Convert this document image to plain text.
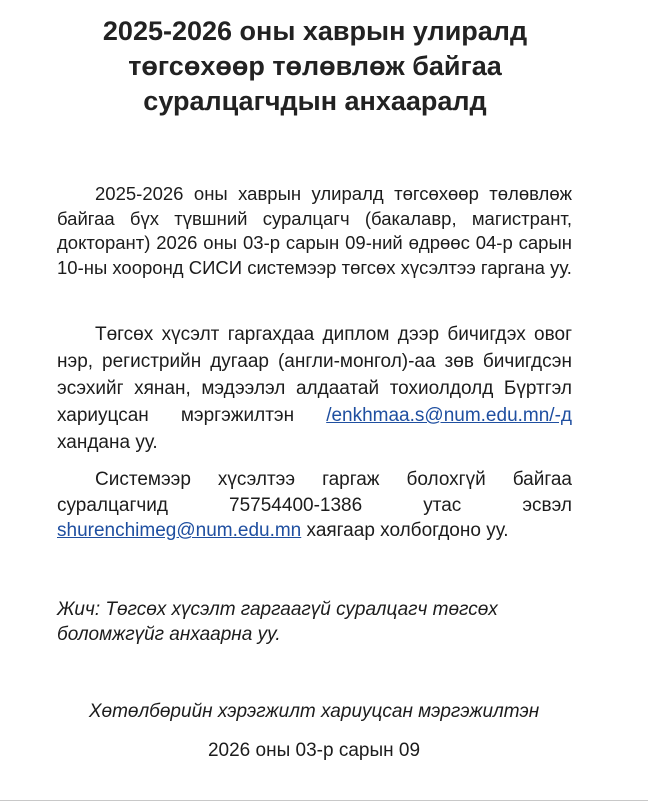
2025-2026 оны хаврын улиралд
төгсөхөөр төлөвлөж байгаа
суралцагчдын анхааралд

2025-2026 оны хаврын улиралд төгсөхөөр төлөвлөж байгаа бүх түвшний суралцагч (бакалавр, магистрант, докторант) 2026 оны 03-р сарын 09-ний өдрөөс 04-р сарын 10-ны хооронд СИСИ системээр төгсөх хүсэлтээ гаргана уу.

Төгсөх хүсэлт гаргахдаа диплом дээр бичигдэх овог нэр, регистрийн дугаар (англи-монгол)-аа зөв бичигдсэн эсэхийг хянан, мэдээлэл алдаатай тохиолдолд Бүртгэл хариуцсан мэргэжилтэн /enkhmaa.s@num.edu.mn/-д хандана уу.

Системээр хүсэлтээ гаргаж болохгүй байгаа суралцагчид 75754400-1386 утас эсвэл shurenchimeg@num.edu.mn хаягаар холбогдоно уу.

Жич: Төгсөх хүсэлт гаргаагүй суралцагч төгсөх боломжгүйг анхаарна уу.

Хөтөлбөрийн хэрэгжилт хариуцсан мэргэжилтэн

2026 оны 03-р сарын 09
